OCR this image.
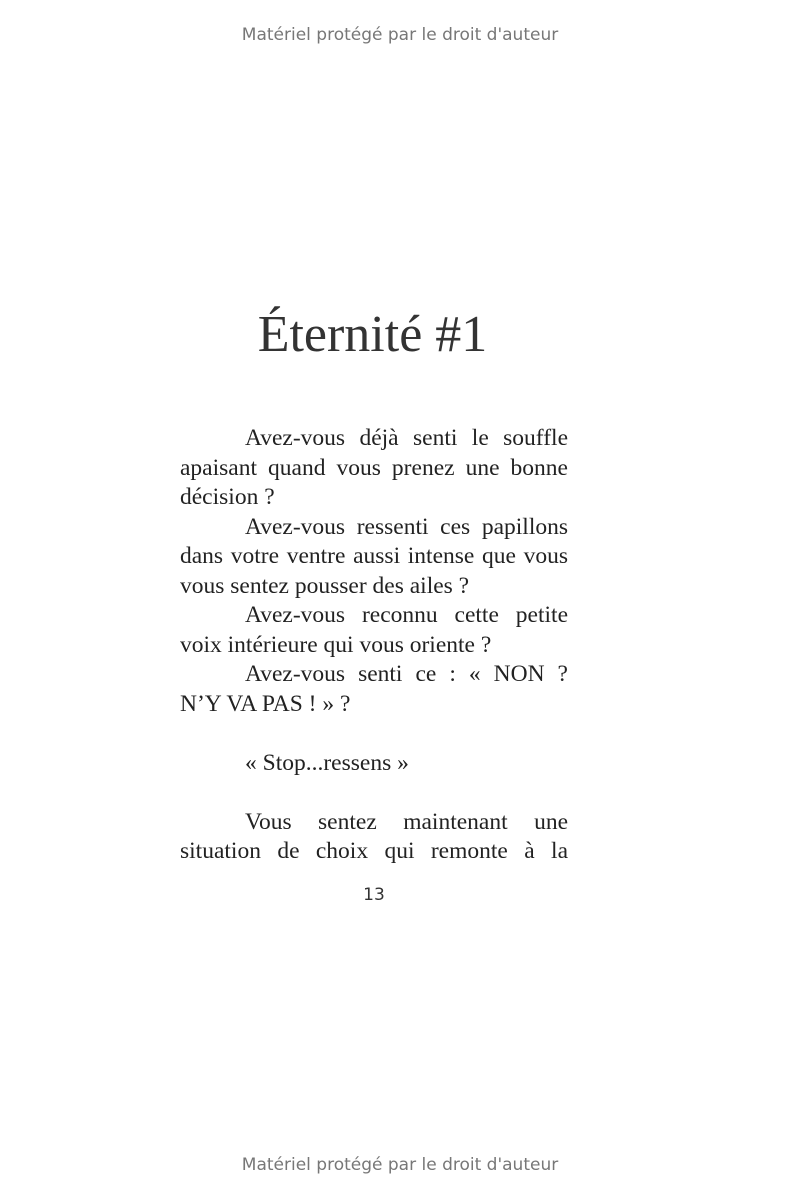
Matériel protégé par le droit d'auteur
Éternité #1

Avez-vous déjà senti le souffle apaisant quand vous prenez une bonne décision ?

Avez-vous ressenti ces papillons dans votre ventre aussi intense que vous vous sentez pousser des ailes ?

Avez-vous reconnu cette petite voix intérieure qui vous oriente ?

Avez-vous senti ce : « NON ? N’Y VA PAS ! » ?

« Stop...ressens »

Vous sentez maintenant une situation de choix qui remonte à la

13
Matériel protégé par le droit d'auteur
